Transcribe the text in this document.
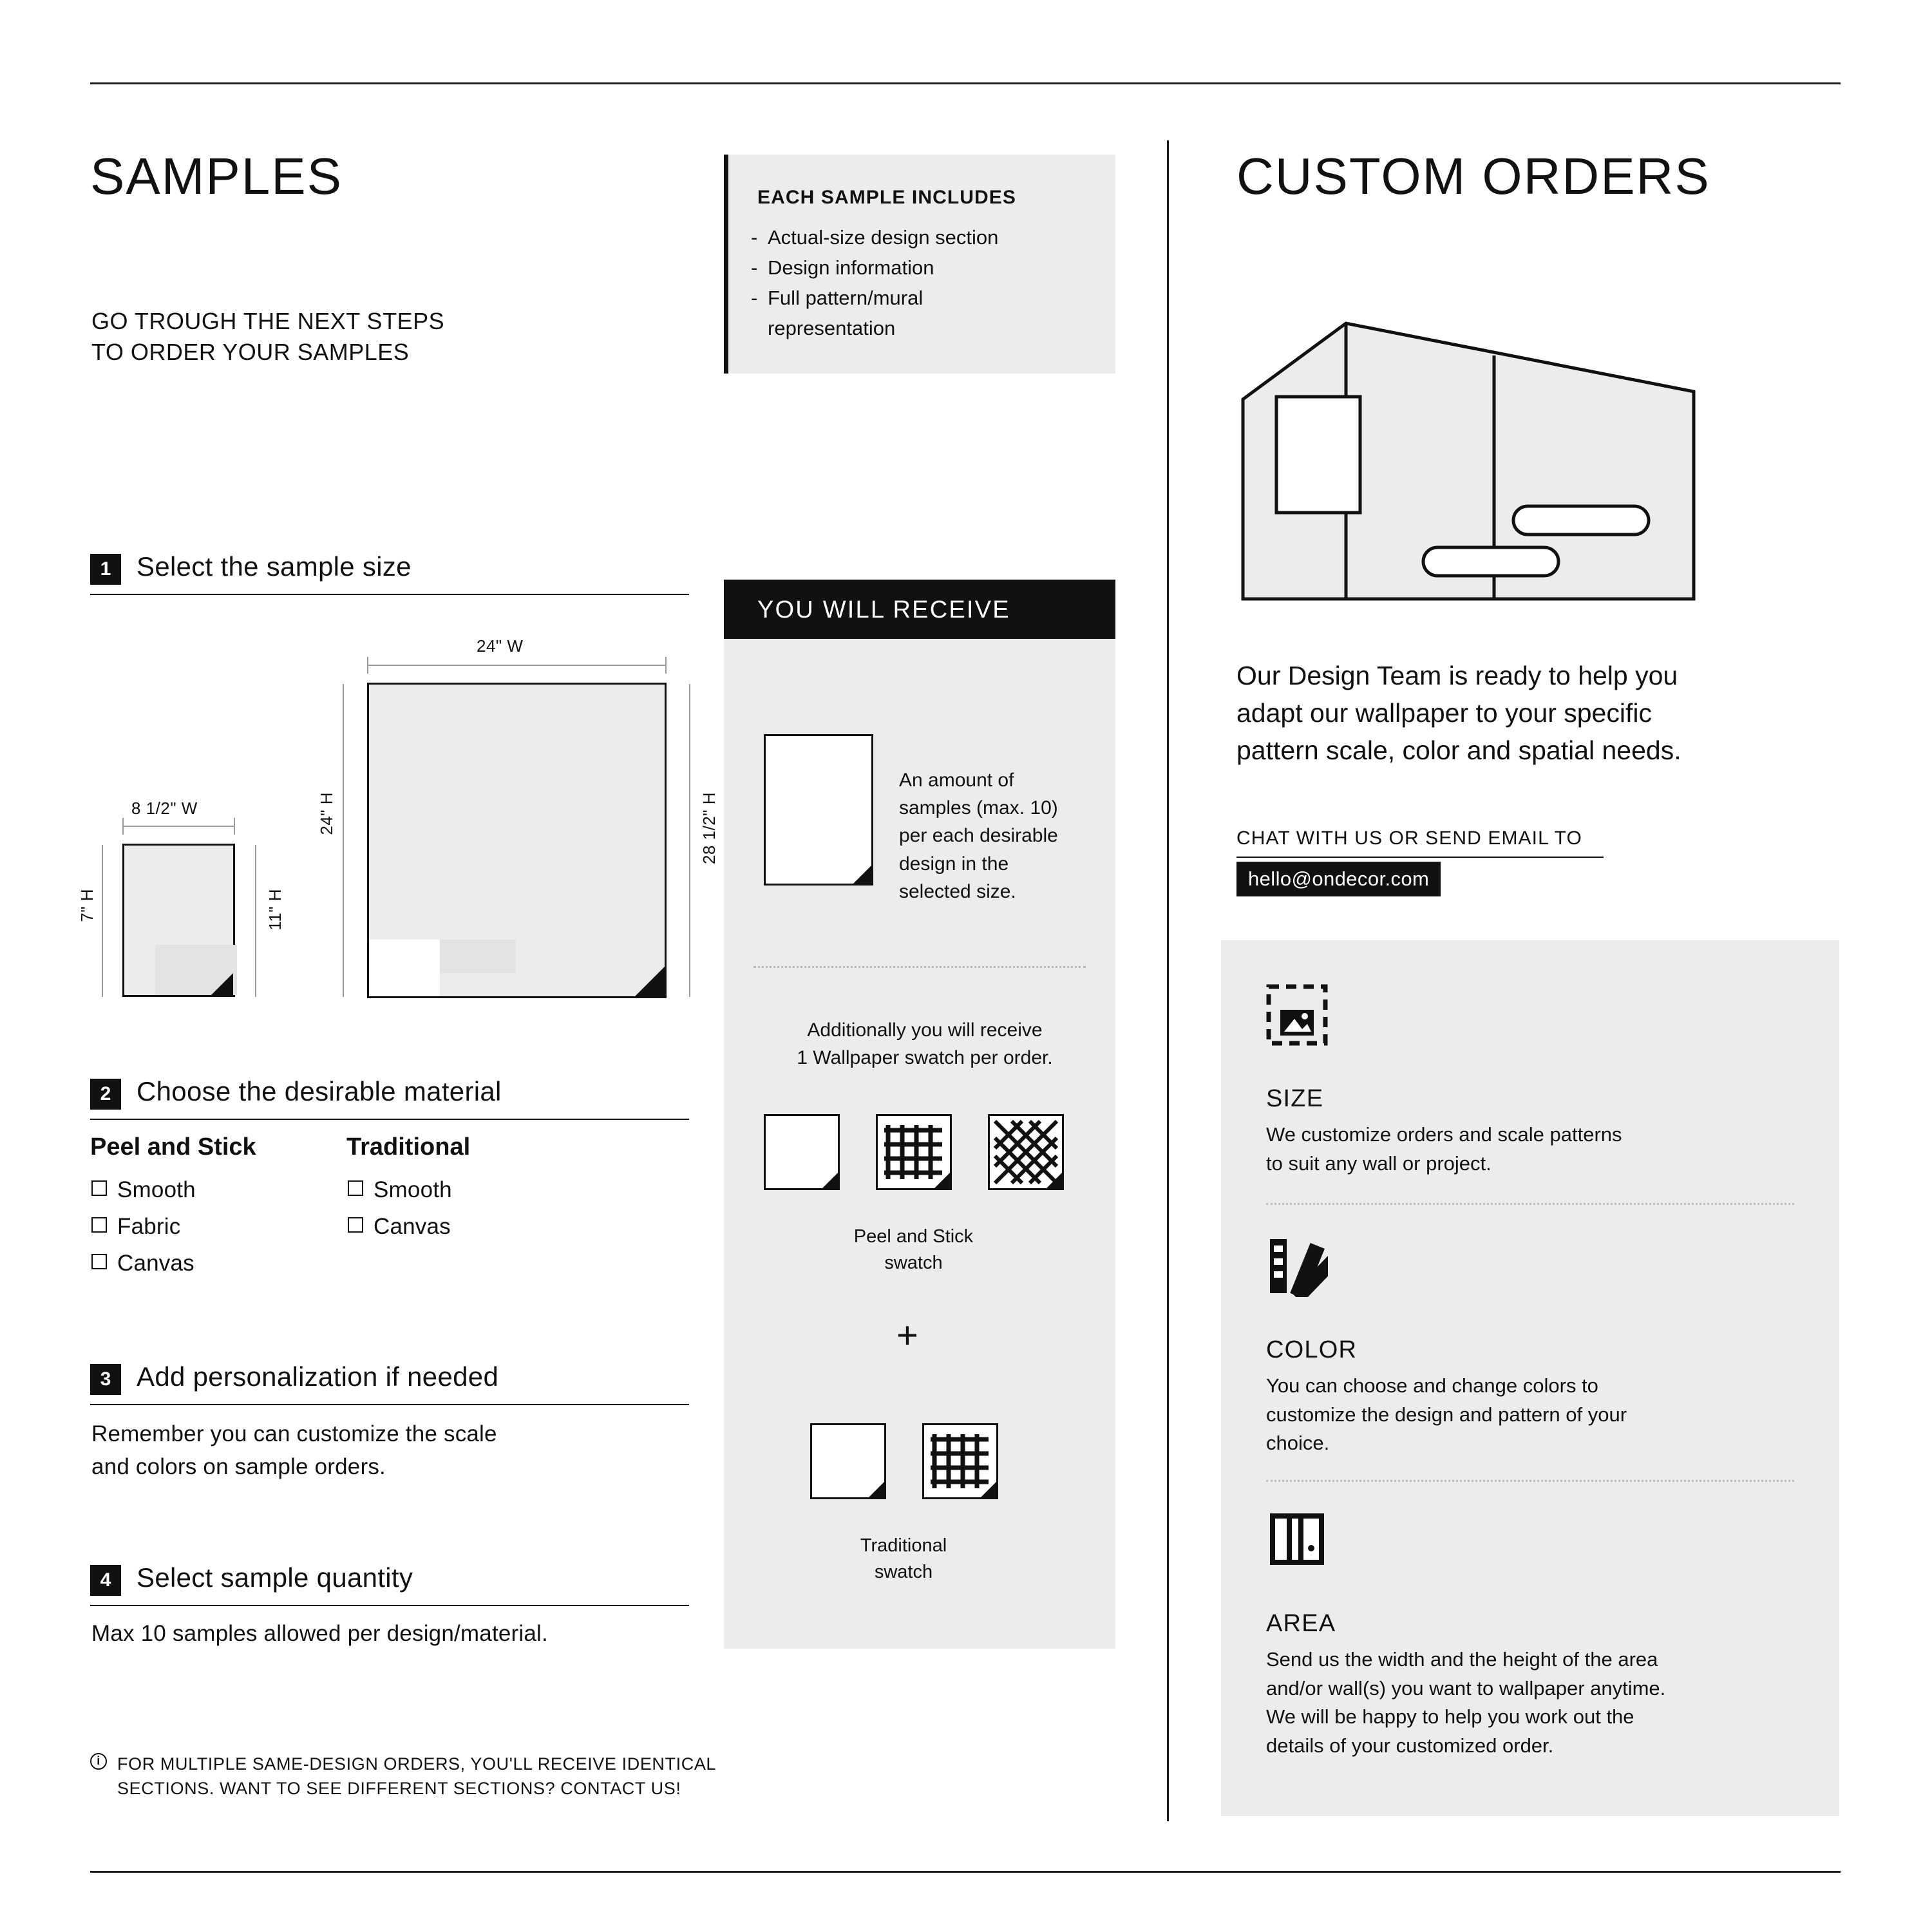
SAMPLES
GO TROUGH THE NEXT STEPS
TO ORDER YOUR SAMPLES
EACH SAMPLE INCLUDES
- Actual-size design section
- Design information
- Full pattern/mural representation
1 Select the sample size
24" W
24" H	28 1/2" H
8 1/2" W
7" H	11" H
2 Choose the desirable material
Peel and Stick
Smooth
Fabric
Canvas
Traditional
Smooth
Canvas
3 Add personalization if needed
Remember you can customize the scale
and colors on sample orders.
4 Select sample quantity
Max 10 samples allowed per design/material.
i FOR MULTIPLE SAME-DESIGN ORDERS, YOU'LL RECEIVE IDENTICAL
SECTIONS. WANT TO SEE DIFFERENT SECTIONS? CONTACT US!
YOU WILL RECEIVE
An amount of
samples (max. 10)
per each desirable
design in the
selected size.
Additionally you will receive
1 Wallpaper swatch per order.
Peel and Stick
swatch
+
Traditional
swatch
CUSTOM ORDERS
Our Design Team is ready to help you
adapt our wallpaper to your specific
pattern scale, color and spatial needs.
CHAT WITH US OR SEND EMAIL TO
hello@ondecor.com
SIZE
We customize orders and scale patterns
to suit any wall or project.
COLOR
You can choose and change colors to
customize the design and pattern of your
choice.
AREA
Send us the width and the height of the area
and/or wall(s) you want to wallpaper anytime.
We will be happy to help you work out the
details of your customized order.
